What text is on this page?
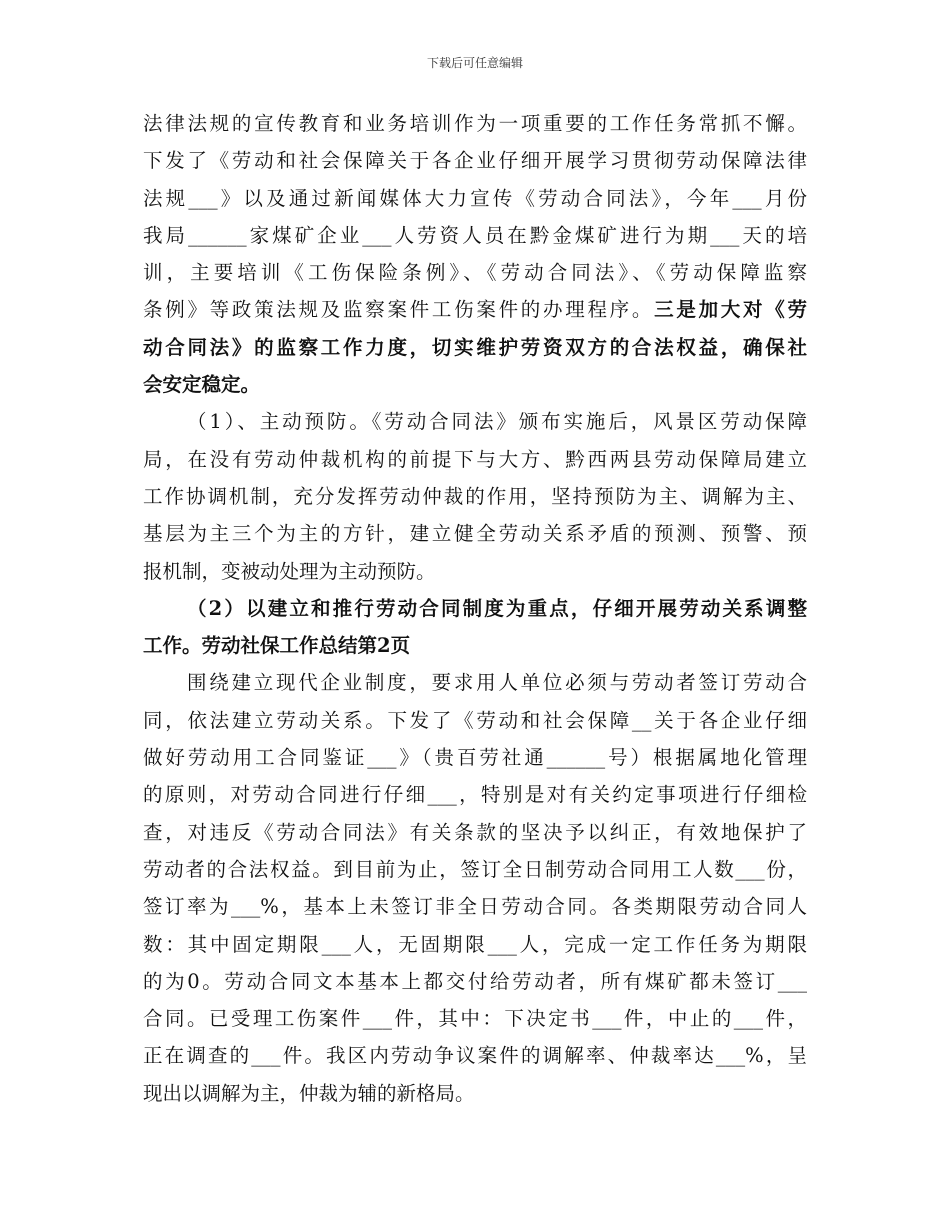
下载后可任意编辑
法律法规的宣传教育和业务培训作为一项重要的工作任务常抓不懈。
下发了《劳动和社会保障关于各企业仔细开展学习贯彻劳动保障法律
法规___》以及通过新闻媒体大力宣传《劳动合同法》，今年___月份
我局______家煤矿企业___人劳资人员在黔金煤矿进行为期___天的培
训，主要培训《工伤保险条例》、《劳动合同法》、《劳动保障监察
条例》等政策法规及监察案件工伤案件的办理程序。三是加大对《劳
动合同法》的监察工作力度，切实维护劳资双方的合法权益，确保社
会安定稳定。
（1）、主动预防。《劳动合同法》颁布实施后，风景区劳动保障
局，在没有劳动仲裁机构的前提下与大方、黔西两县劳动保障局建立
工作协调机制，充分发挥劳动仲裁的作用，坚持预防为主、调解为主、
基层为主三个为主的方针，建立健全劳动关系矛盾的预测、预警、预
报机制，变被动处理为主动预防。
（2）以建立和推行劳动合同制度为重点，仔细开展劳动关系调整
工作。劳动社保工作总结第2页
围绕建立现代企业制度，要求用人单位必须与劳动者签订劳动合
同，依法建立劳动关系。下发了《劳动和社会保障__关于各企业仔细
做好劳动用工合同鉴证___》（贵百劳社通______号）根据属地化管理
的原则，对劳动合同进行仔细___，特别是对有关约定事项进行仔细检
查，对违反《劳动合同法》有关条款的坚决予以纠正，有效地保护了
劳动者的合法权益。到目前为止，签订全日制劳动合同用工人数___份，
签订率为___%，基本上未签订非全日劳动合同。各类期限劳动合同人
数：其中固定期限___人，无固期限___人，完成一定工作任务为期限
的为0。劳动合同文本基本上都交付给劳动者，所有煤矿都未签订___
合同。已受理工伤案件___件，其中：下决定书___件，中止的___件，
正在调查的___件。我区内劳动争议案件的调解率、仲裁率达___%，呈
现出以调解为主，仲裁为辅的新格局。
